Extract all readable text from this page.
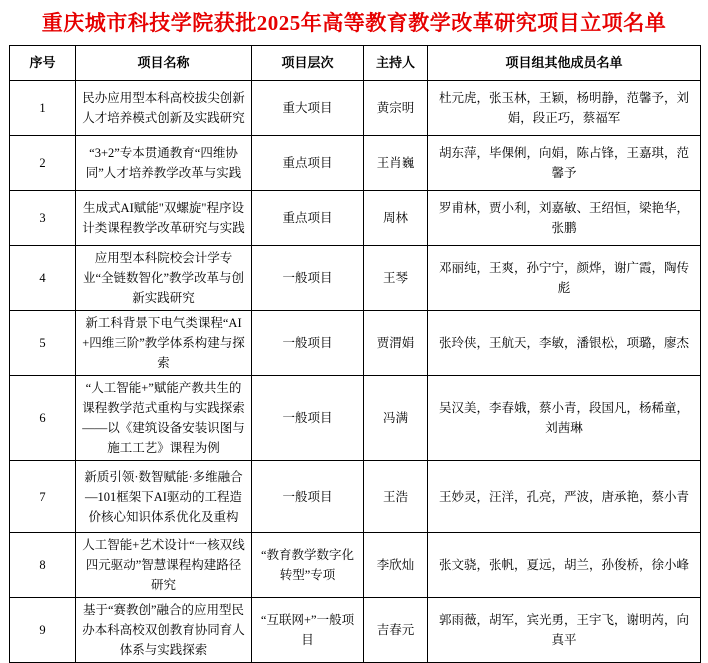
重庆城市科技学院获批2025年高等教育教学改革研究项目立项名单
序号	项目名称	项目层次	主持人	项目组其他成员名单
1	民办应用型本科高校拔尖创新人才培养模式创新及实践研究	重大项目	黄宗明	杜元虎，张玉林，王颖，杨明静，范馨予，刘娟，段正巧，蔡福军
2	“3+2”专本贯通教育“四维协同”人才培养教学改革与实践	重点项目	王肖巍	胡东萍，毕倮俐，向娟，陈占锋，王嘉琪，范馨予
3	生成式AI赋能"双螺旋"程序设计类课程教学改革研究与实践	重点项目	周林	罗甫林，贾小利，刘嘉敏、王绍恒，梁艳华，张鹏
4	应用型本科院校会计学专业“全链数智化”教学改革与创新实践研究	一般项目	王琴	邓丽纯，王爽，孙宁宁，颜烨，谢广霞，陶传彪
5	新工科背景下电气类课程“AI+四维三阶”教学体系构建与探索	一般项目	贾渭娟	张玲侠，王航天，李敏，潘银松，项璐，廖杰
6	“人工智能+”赋能产教共生的课程教学范式重构与实践探索——以《建筑设备安装识图与施工工艺》课程为例	一般项目	冯满	吴汉美，李春娥，蔡小青，段国凡，杨稀童，刘茜琳
7	新质引领·数智赋能·多维融合—101框架下AI驱动的工程造价核心知识体系优化及重构	一般项目	王浩	王妙灵，汪洋，孔亮，严波，唐承艳，蔡小青
8	人工智能+艺术设计“一核双线四元驱动”智慧课程构建路径研究	“教育教学数字化转型”专项	李欣灿	张文骁，张帆，夏远，胡兰，孙俊桥，徐小峰
9	基于“赛教创”融合的应用型民办本科高校双创教育协同育人体系与实践探索	“互联网+”一般项目	吉春元	郭雨薇，胡军，宾光勇，王宇飞，谢明芮，向真平
